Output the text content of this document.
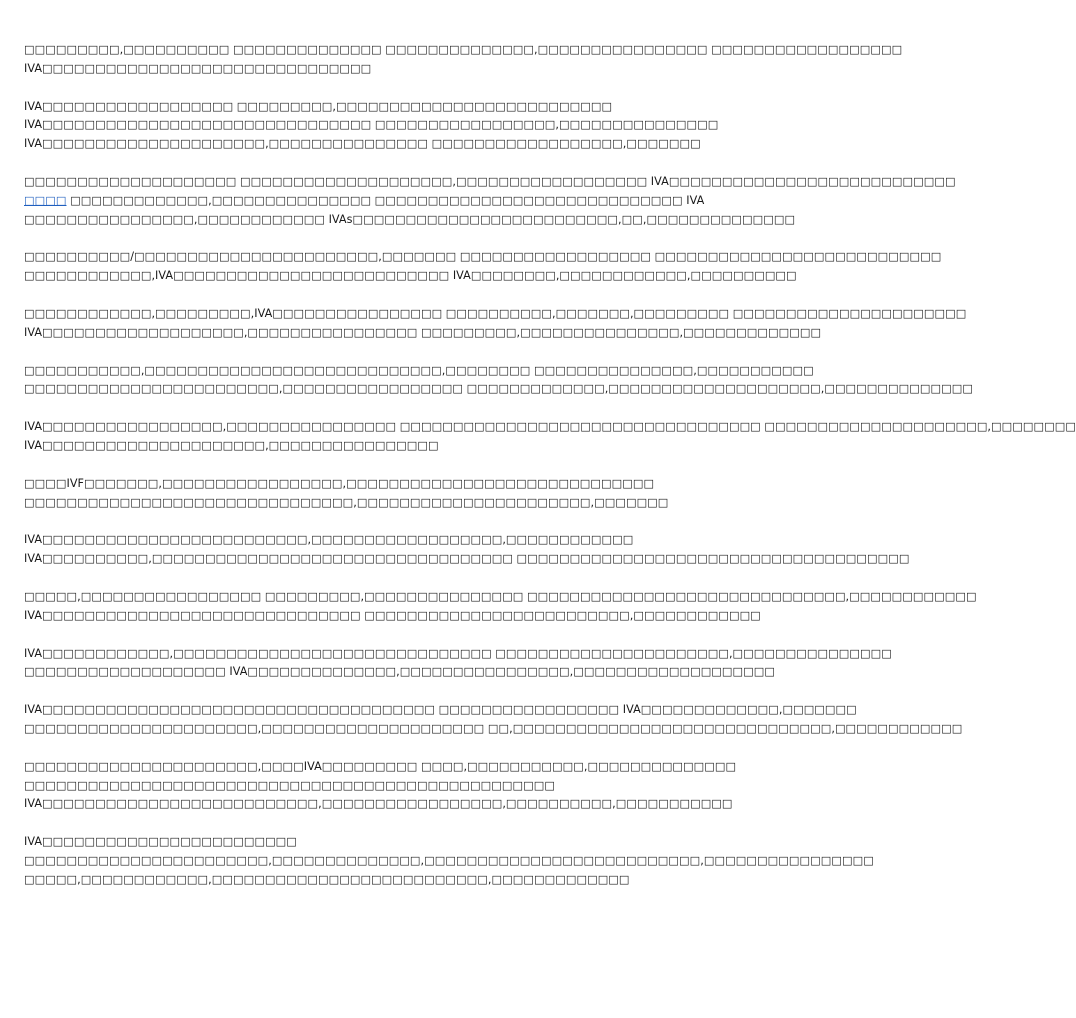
□□□□□□□□□,□□□□□□□□□□ □□□□□□□□□□□□□□ □□□□□□□□□□□□□□,□□□□□□□□□□□□□□□□ □□□□□□□□□□□□□□□□□□
IVA□□□□□□□□□□□□□□□□□□□□□□□□□□□□□□□
IVA□□□□□□□□□□□□□□□□□□ □□□□□□□□□,□□□□□□□□□□□□□□□□□□□□□□□□□□
IVA□□□□□□□□□□□□□□□□□□□□□□□□□□□□□□□ □□□□□□□□□□□□□□□□□,□□□□□□□□□□□□□□□
IVA□□□□□□□□□□□□□□□□□□□□□,□□□□□□□□□□□□□□□ □□□□□□□□□□□□□□□□□□,□□□□□□□
□□□□□□□□□□□□□□□□□□□□ □□□□□□□□□□□□□□□□□□□□,□□□□□□□□□□□□□□□□□□ IVA□□□□□□□□□□□□□□□□□□□□□□□□□□□
□□□□ □□□□□□□□□□□□□,□□□□□□□□□□□□□□□ □□□□□□□□□□□□□□□□□□□□□□□□□□□□□ IVA
□□□□□□□□□□□□□□□□,□□□□□□□□□□□□ IVAs□□□□□□□□□□□□□□□□□□□□□□□□□,□□,□□□□□□□□□□□□□□
□□□□□□□□□□/□□□□□□□□□□□□□□□□□□□□□□□,□□□□□□□ □□□□□□□□□□□□□□□□□□ □□□□□□□□□□□□□□□□□□□□□□□□□□□
□□□□□□□□□□□□,IVA□□□□□□□□□□□□□□□□□□□□□□□□□□ IVA□□□□□□□□,□□□□□□□□□□□□,□□□□□□□□□□
□□□□□□□□□□□□,□□□□□□□□□,IVA□□□□□□□□□□□□□□□□ □□□□□□□□□□,□□□□□□□,□□□□□□□□□ □□□□□□□□□□□□□□□□□□□□□□
IVA□□□□□□□□□□□□□□□□□□□,□□□□□□□□□□□□□□□□ □□□□□□□□□,□□□□□□□□□□□□□□□,□□□□□□□□□□□□□
□□□□□□□□□□□,□□□□□□□□□□□□□□□□□□□□□□□□□□□□,□□□□□□□□ □□□□□□□□□□□□□□□,□□□□□□□□□□□
□□□□□□□□□□□□□□□□□□□□□□□□,□□□□□□□□□□□□□□□□□ □□□□□□□□□□□□□,□□□□□□□□□□□□□□□□□□□□,□□□□□□□□□□□□□□
IVA□□□□□□□□□□□□□□□□□,□□□□□□□□□□□□□□□□ □□□□□□□□□□□□□□□□□□□□□□□□□□□□□□□□□□ □□□□□□□□□□□□□□□□□□□□□,□□□□□□□□
IVA□□□□□□□□□□□□□□□□□□□□□,□□□□□□□□□□□□□□□□
□□□□IVF□□□□□□□,□□□□□□□□□□□□□□□□□,□□□□□□□□□□□□□□□□□□□□□□□□□□□□□
□□□□□□□□□□□□□□□□□□□□□□□□□□□□□□□,□□□□□□□□□□□□□□□□□□□□□□,□□□□□□□
IVA□□□□□□□□□□□□□□□□□□□□□□□□□,□□□□□□□□□□□□□□□□□□,□□□□□□□□□□□□
IVA□□□□□□□□□□,□□□□□□□□□□□□□□□□□□□□□□□□□□□□□□□□□□ □□□□□□□□□□□□□□□□□□□□□□□□□□□□□□□□□□□□□
□□□□□,□□□□□□□□□□□□□□□□□ □□□□□□□□□,□□□□□□□□□□□□□□□ □□□□□□□□□□□□□□□□□□□□□□□□□□□□□□,□□□□□□□□□□□□
IVA□□□□□□□□□□□□□□□□□□□□□□□□□□□□□□ □□□□□□□□□□□□□□□□□□□□□□□□□,□□□□□□□□□□□□
IVA□□□□□□□□□□□□,□□□□□□□□□□□□□□□□□□□□□□□□□□□□□□ □□□□□□□□□□□□□□□□□□□□□□,□□□□□□□□□□□□□□□
□□□□□□□□□□□□□□□□□□□ IVA□□□□□□□□□□□□□□,□□□□□□□□□□□□□□□□,□□□□□□□□□□□□□□□□□□□
IVA□□□□□□□□□□□□□□□□□□□□□□□□□□□□□□□□□□□□□ □□□□□□□□□□□□□□□□□ IVA□□□□□□□□□□□□□,□□□□□□□
□□□□□□□□□□□□□□□□□□□□□□,□□□□□□□□□□□□□□□□□□□□□ □□,□□□□□□□□□□□□□□□□□□□□□□□□□□□□□□,□□□□□□□□□□□□
□□□□□□□□□□□□□□□□□□□□□□,□□□□IVA□□□□□□□□□ □□□□,□□□□□□□□□□□,□□□□□□□□□□□□□□
□□□□□□□□□□□□□□□□□□□□□□□□□□□□□□□□□□□□□□□□□□□□□□□□□□
IVA□□□□□□□□□□□□□□□□□□□□□□□□□□,□□□□□□□□□□□□□□□□□,□□□□□□□□□□,□□□□□□□□□□□
IVA□□□□□□□□□□□□□□□□□□□□□□□□
□□□□□□□□□□□□□□□□□□□□□□□,□□□□□□□□□□□□□□,□□□□□□□□□□□□□□□□□□□□□□□□□□,□□□□□□□□□□□□□□□□
□□□□□,□□□□□□□□□□□□,□□□□□□□□□□□□□□□□□□□□□□□□□□,□□□□□□□□□□□□□
